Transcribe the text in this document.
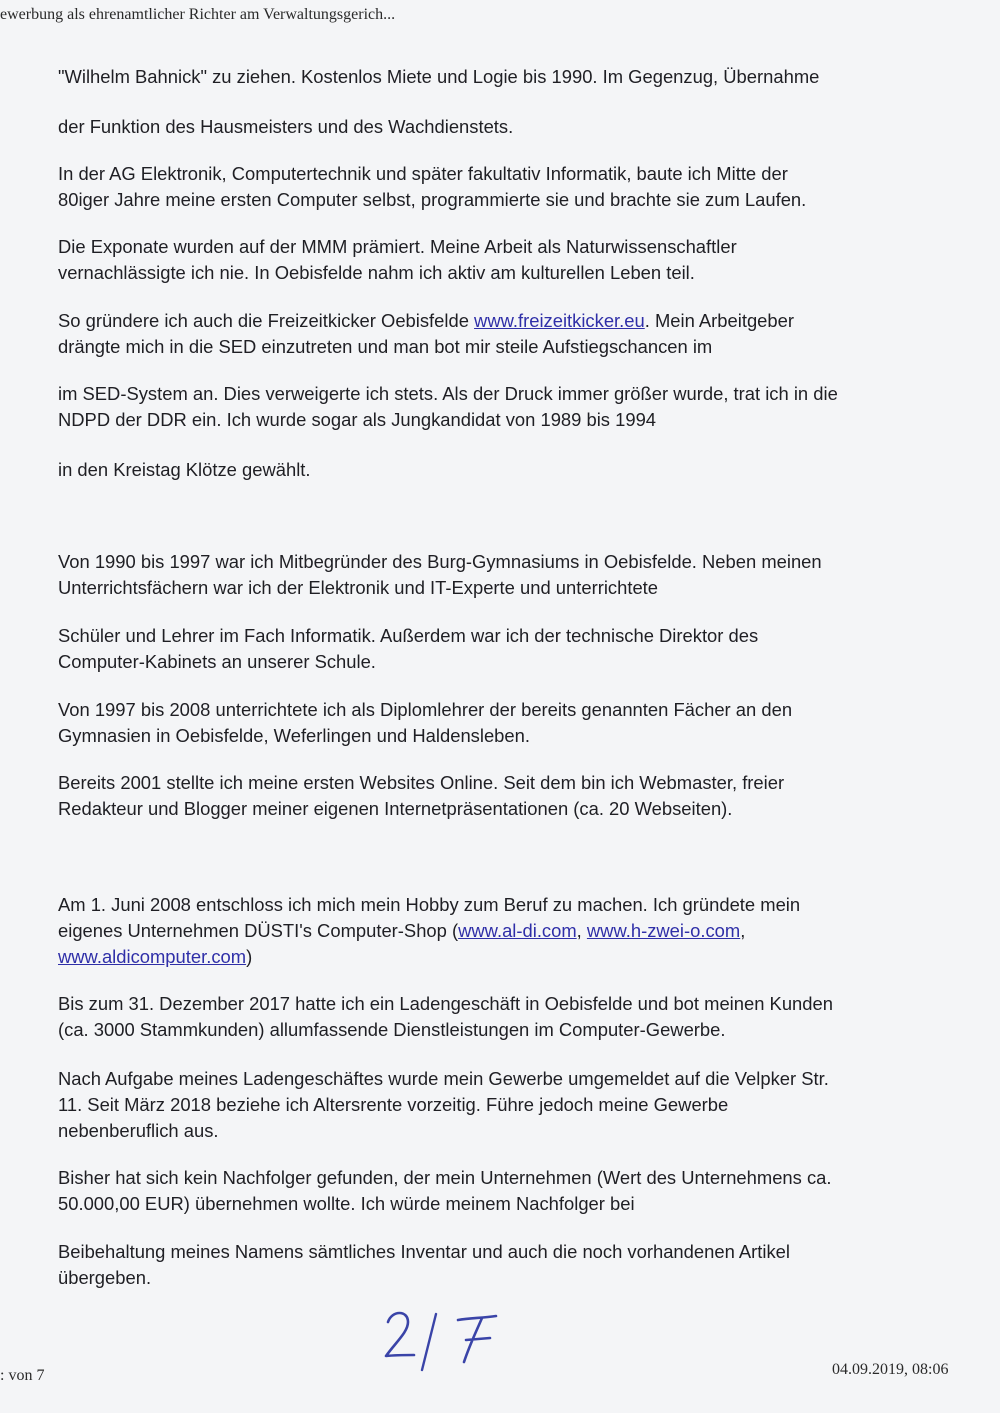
ewerbung als ehrenamtlicher Richter am Verwaltungsgerich...
"Wilhelm Bahnick" zu ziehen. Kostenlos Miete und Logie bis 1990. Im Gegenzug, Übernahme
der Funktion des Hausmeisters und des Wachdienstets.
In der AG Elektronik, Computertechnik und später fakultativ Informatik, baute ich Mitte der
80iger Jahre meine ersten Computer selbst, programmierte sie und brachte sie zum Laufen.
Die Exponate wurden auf der MMM prämiert. Meine Arbeit als Naturwissenschaftler
vernachlässigte ich nie. In Oebisfelde nahm ich aktiv am kulturellen Leben teil.
So gründere ich auch die Freizeitkicker Oebisfelde www.freizeitkicker.eu. Mein Arbeitgeber
drängte mich in die SED einzutreten und man bot mir steile Aufstiegschancen im
im SED-System an. Dies verweigerte ich stets. Als der Druck immer größer wurde, trat ich in die
NDPD der DDR ein. Ich wurde sogar als Jungkandidat von 1989 bis 1994
in den Kreistag Klötze gewählt.
Von 1990 bis 1997 war ich Mitbegründer des Burg-Gymnasiums in Oebisfelde. Neben meinen
Unterrichtsfächern war ich der Elektronik und IT-Experte und unterrichtete
Schüler und Lehrer im Fach Informatik. Außerdem war ich der technische Direktor des
Computer-Kabinets an unserer Schule.
Von 1997 bis 2008 unterrichtete ich als Diplomlehrer der bereits genannten Fächer an den
Gymnasien in Oebisfelde, Weferlingen und Haldensleben.
Bereits 2001 stellte ich meine ersten Websites Online. Seit dem bin ich Webmaster, freier
Redakteur und Blogger meiner eigenen Internetpräsentationen (ca. 20 Webseiten).
Am 1. Juni 2008 entschloss ich mich mein Hobby zum Beruf zu machen. Ich gründete mein
eigenes Unternehmen DÜSTI's Computer-Shop (www.al-di.com, www.h-zwei-o.com,
www.aldicomputer.com)
Bis zum 31. Dezember 2017 hatte ich ein Ladengeschäft in Oebisfelde und bot meinen Kunden
(ca. 3000 Stammkunden) allumfassende Dienstleistungen im Computer-Gewerbe.
Nach Aufgabe meines Ladengeschäftes wurde mein Gewerbe umgemeldet auf die Velpker Str.
11. Seit März 2018 beziehe ich Altersrente vorzeitig. Führe jedoch meine Gewerbe
nebenberuflich aus.
Bisher hat sich kein Nachfolger gefunden, der mein Unternehmen (Wert des Unternehmens ca.
50.000,00 EUR) übernehmen wollte. Ich würde meinem Nachfolger bei
Beibehaltung meines Namens sämtliches Inventar und auch die noch vorhandenen Artikel
übergeben.
: von 7	04.09.2019, 08:06
